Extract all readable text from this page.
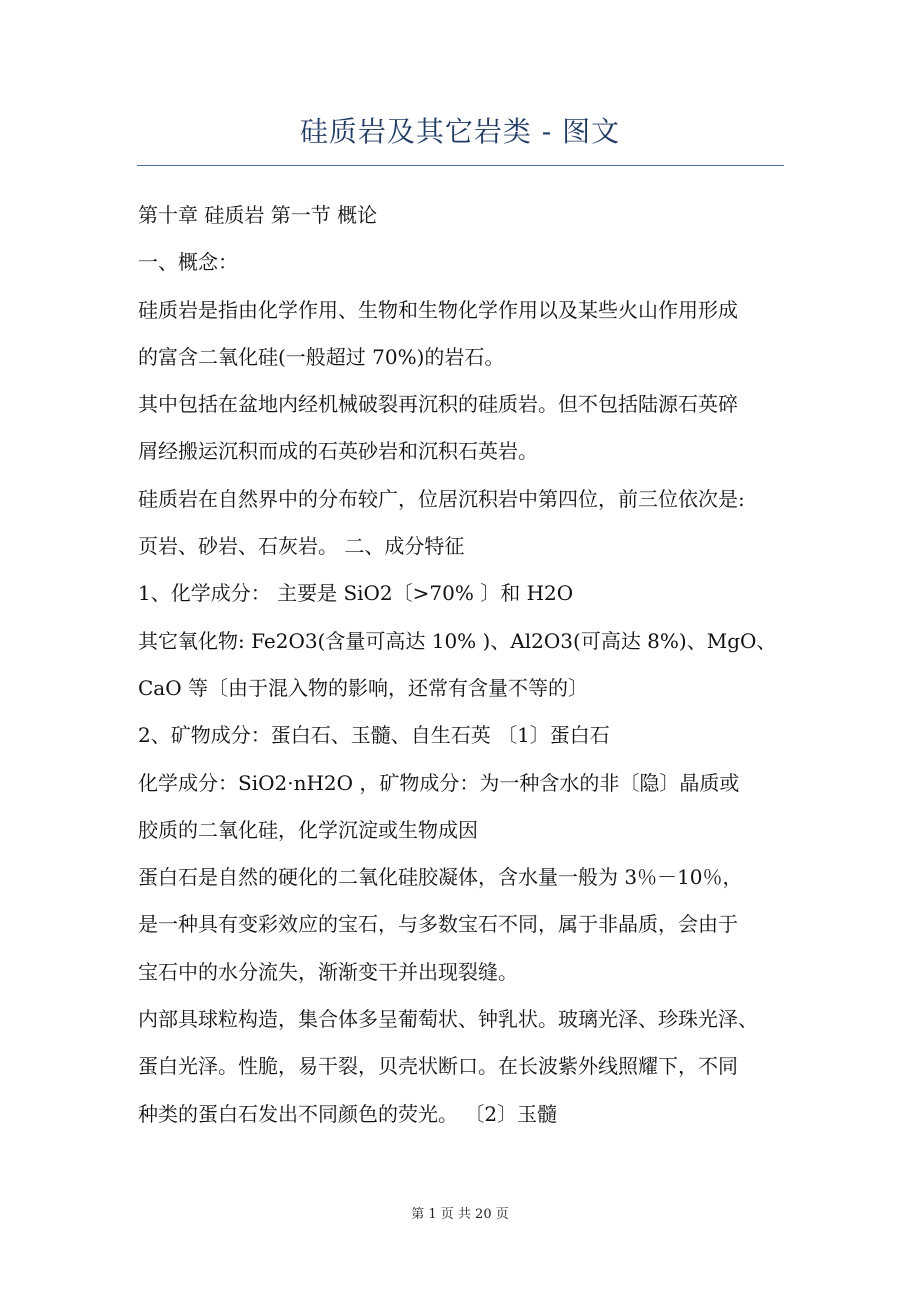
硅质岩及其它岩类 - 图文
第十章 硅质岩 第一节 概论
一、概念：
硅质岩是指由化学作用、生物和生物化学作用以及某些火山作用形成
的富含二氧化硅(一般超过 70%)的岩石。
其中包括在盆地内经机械破裂再沉积的硅质岩。但不包括陆源石英碎
屑经搬运沉积而成的石英砂岩和沉积石英岩。
硅质岩在自然界中的分布较广，位居沉积岩中第四位，前三位依次是:
页岩、砂岩、石灰岩。 二、成分特征
1、化学成分： 主要是 SiO2〔>70% 〕和 H2O
其它氧化物: Fe2O3(含量可高达 10% )、Al2O3(可高达 8%)、MgO、
CaO 等〔由于混入物的影响，还常有含量不等的〕
2、矿物成分：蛋白石、玉髓、自生石英 〔1〕蛋白石
化学成分：SiO2·nH2O ，矿物成分：为一种含水的非〔隐〕晶质或
胶质的二氧化硅，化学沉淀或生物成因
蛋白石是自然的硬化的二氧化硅胶凝体，含水量一般为 3％－10％，
是一种具有变彩效应的宝石，与多数宝石不同，属于非晶质，会由于
宝石中的水分流失，渐渐变干并出现裂缝。
内部具球粒构造，集合体多呈葡萄状、钟乳状。玻璃光泽、珍珠光泽、
蛋白光泽。性脆，易干裂，贝壳状断口。在长波紫外线照耀下，不同
种类的蛋白石发出不同颜色的荧光。 〔2〕玉髓
第 1 页 共 20 页
